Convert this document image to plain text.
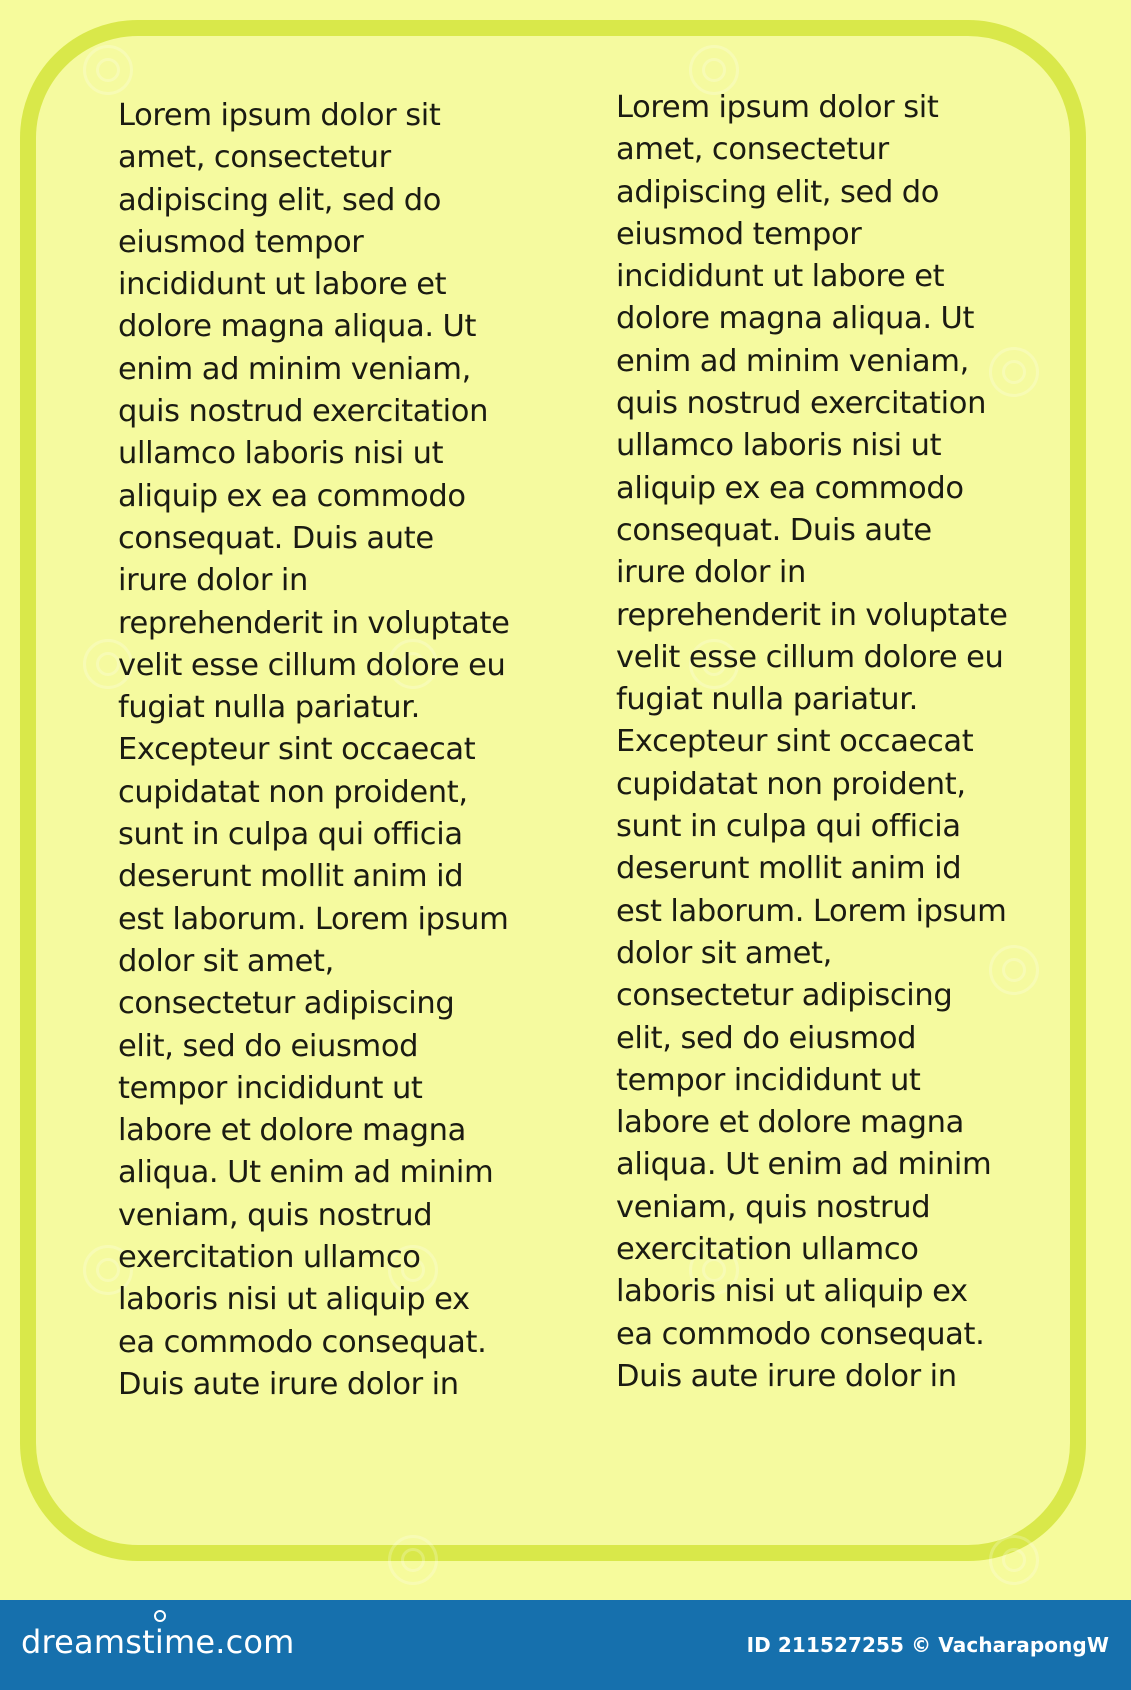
Lorem ipsum dolor sit amet, consectetur adipiscing elit, sed do eiusmod tempor incididunt ut labore et dolore magna aliqua. Ut enim ad minim veniam, quis nostrud exercitation ullamco laboris nisi ut aliquip ex ea commodo consequat. Duis aute irure dolor in reprehenderit in voluptate velit esse cillum dolore eu fugiat nulla pariatur. Excepteur sint occaecat cupidatat non proident, sunt in culpa qui officia deserunt mollit anim id est laborum. Lorem ipsum dolor sit amet, consectetur adipiscing elit, sed do eiusmod tempor incididunt ut labore et dolore magna aliqua. Ut enim ad minim veniam, quis nostrud exercitation ullamco laboris nisi ut aliquip ex ea commodo consequat. Duis aute irure dolor in

Lorem ipsum dolor sit amet, consectetur adipiscing elit, sed do eiusmod tempor incididunt ut labore et dolore magna aliqua. Ut enim ad minim veniam, quis nostrud exercitation ullamco laboris nisi ut aliquip ex ea commodo consequat. Duis aute irure dolor in reprehenderit in voluptate velit esse cillum dolore eu fugiat nulla pariatur. Excepteur sint occaecat cupidatat non proident, sunt in culpa qui officia deserunt mollit anim id est laborum. Lorem ipsum dolor sit amet, consectetur adipiscing elit, sed do eiusmod tempor incididunt ut labore et dolore magna aliqua. Ut enim ad minim veniam, quis nostrud exercitation ullamco laboris nisi ut aliquip ex ea commodo consequat. Duis aute irure dolor in

dreamstime.com	ID 211527255 © VacharapongW
